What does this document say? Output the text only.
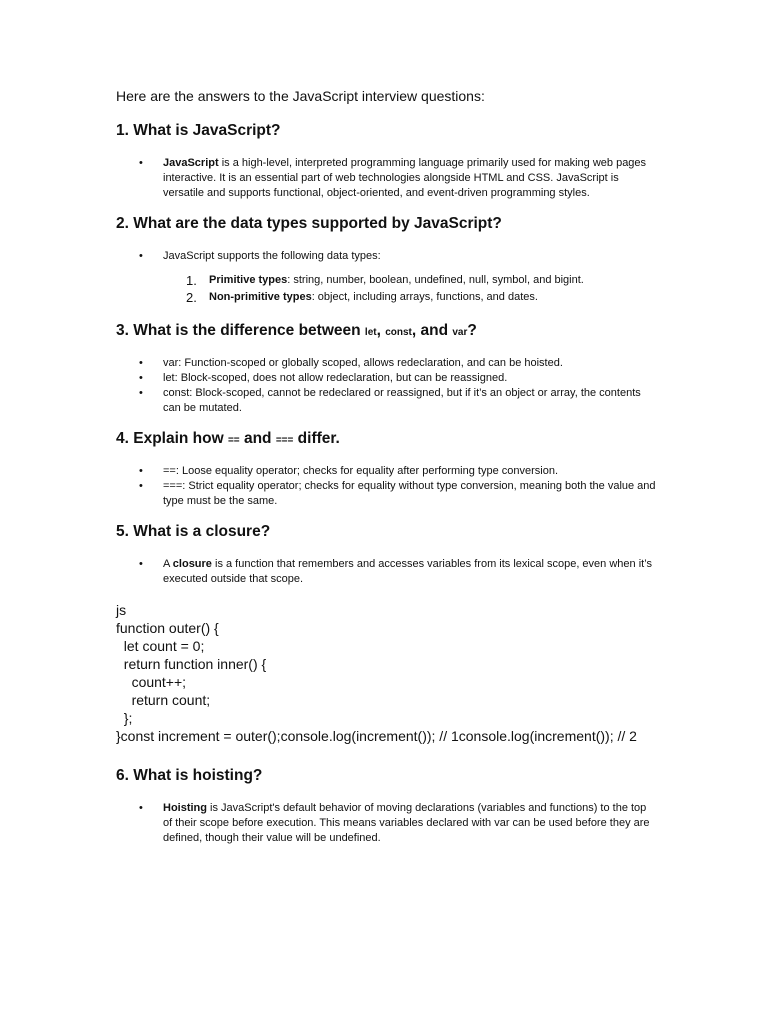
Here are the answers to the JavaScript interview questions:

1. What is JavaScript?
• JavaScript is a high-level, interpreted programming language primarily used for making web pages interactive. It is an essential part of web technologies alongside HTML and CSS. JavaScript is versatile and supports functional, object-oriented, and event-driven programming styles.
2. What are the data types supported by JavaScript?
• JavaScript supports the following data types:
1. Primitive types: string, number, boolean, undefined, null, symbol, and bigint.
2. Non-primitive types: object, including arrays, functions, and dates.
3. What is the difference between let, const, and var?
• var: Function-scoped or globally scoped, allows redeclaration, and can be hoisted.
• let: Block-scoped, does not allow redeclaration, but can be reassigned.
• const: Block-scoped, cannot be redeclared or reassigned, but if it’s an object or array, the contents can be mutated.
4. Explain how == and === differ.
• ==: Loose equality operator; checks for equality after performing type conversion.
• ===: Strict equality operator; checks for equality without type conversion, meaning both the value and type must be the same.
5. What is a closure?
• A closure is a function that remembers and accesses variables from its lexical scope, even when it’s executed outside that scope.
js
function outer() {
let count = 0;
return function inner() {
count++;
return count;
};
}const increment = outer();console.log(increment()); // 1console.log(increment()); // 2
6. What is hoisting?
• Hoisting is JavaScript's default behavior of moving declarations (variables and functions) to the top of their scope before execution. This means variables declared with var can be used before they are defined, though their value will be undefined.
